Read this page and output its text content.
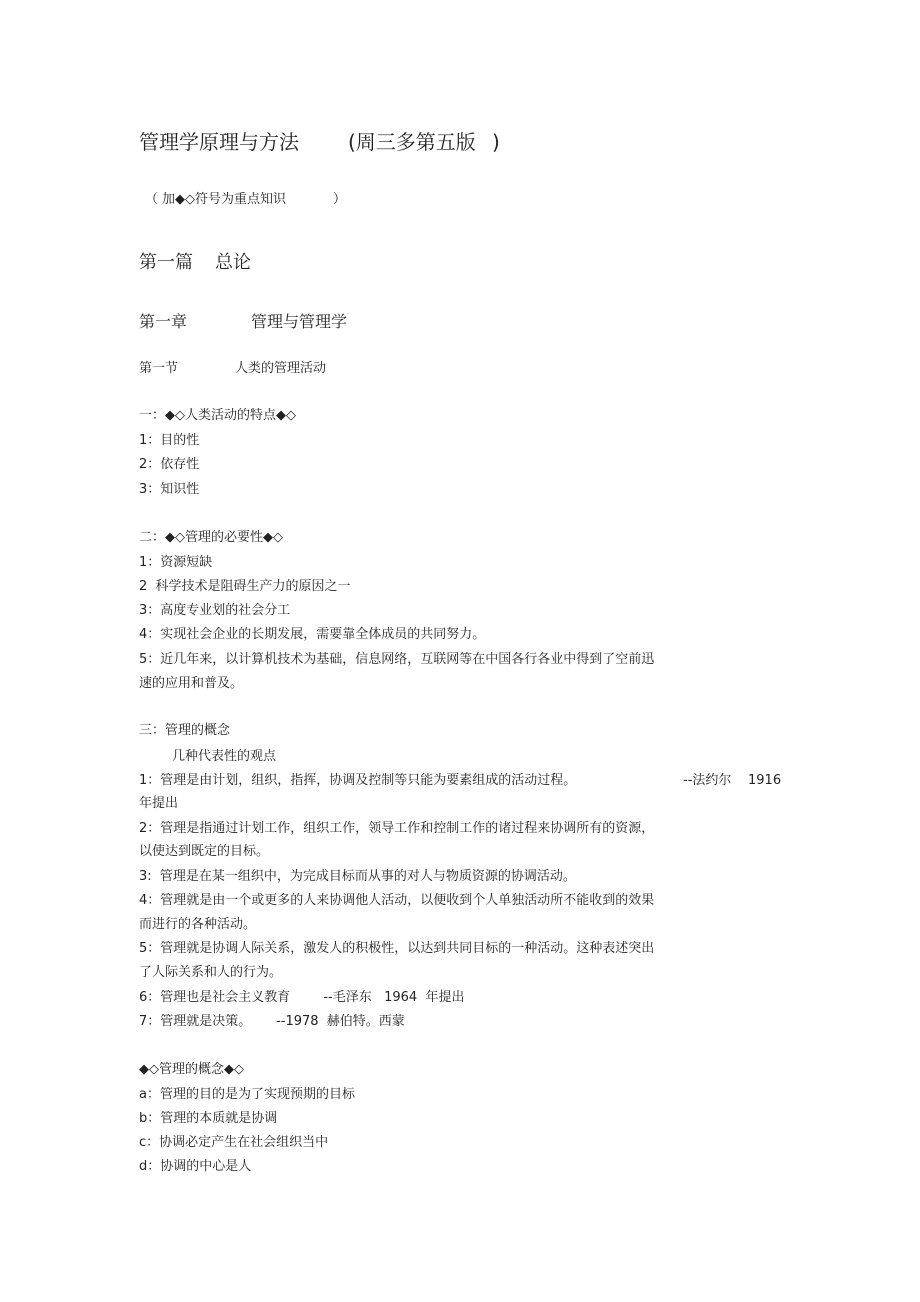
管理学原理与方法 (周三多第五版 )
（ 加◆◇符号为重点知识	）
第一篇 总论
第一章	管理与管理学
第一节	人类的管理活动
一：◆◇人类活动的特点◆◇
1：目的性
2：依存性
3：知识性
二：◆◇管理的必要性◆◇
1：资源短缺
2  科学技术是阻碍生产力的原因之一
3：高度专业划的社会分工
4：实现社会企业的长期发展，需要靠全体成员的共同努力。
5：近几年来，以计算机技术为基础，信息网络，互联网等在中国各行各业中得到了空前迅
速的应用和普及。
三：管理的概念
几种代表性的观点
1：管理是由计划，组织，指挥，协调及控制等只能为要素组成的活动过程。	--法约尔 1916
年提出
2：管理是指通过计划工作，组织工作，领导工作和控制工作的诸过程来协调所有的资源，
以使达到既定的目标。
3:  管理是在某一组织中，为完成目标而从事的对人与物质资源的协调活动。
4：管理就是由一个或更多的人来协调他人活动，以便收到个人单独活动所不能收到的效果
而进行的各种活动。
5：管理就是协调人际关系，激发人的积极性，以达到共同目标的一种活动。这种表述突出
了人际关系和人的行为。
6：管理也是社会主义教育        --毛泽东   1964  年提出
7：管理就是决策。      --1978  赫伯特。西蒙
◆◇管理的概念◆◇
a：管理的目的是为了实现预期的目标
b：管理的本质就是协调
c：协调必定产生在社会组织当中
d：协调的中心是人
